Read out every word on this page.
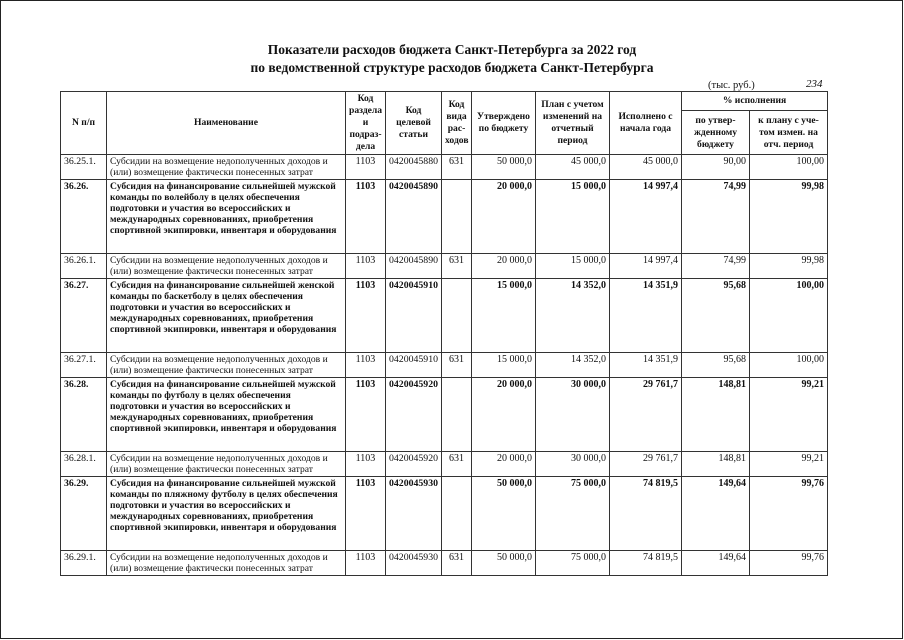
Показатели расходов бюджета Санкт-Петербурга за 2022 год
по ведомственной структуре расходов бюджета Санкт-Петербурга
(тыс. руб.)	234
N п/п	Наименование	Код раздела и подраз-дела	Код целевой статьи	Код вида рас-ходов	Утверждено по бюджету	План с учетом изменений на отчетный период	Исполнено с начала года	% исполнения	
								по утвер-жденному бюджету	к плану с уче-том измен. на отч. период
36.25.1.	Субсидии на возмещение недополученных доходов и (или) возмещение фактически понесенных затрат	1103	0420045880	631	50 000,0	45 000,0	45 000,0	90,00	100,00
36.26.	Субсидия на финансирование сильнейшей мужской команды по волейболу в целях обеспечения подготовки и участия во всероссийских и международных соревнованиях, приобретения спортивной экипировки, инвентаря и оборудования	1103	0420045890		20 000,0	15 000,0	14 997,4	74,99	99,98
36.26.1.	Субсидии на возмещение недополученных доходов и (или) возмещение фактически понесенных затрат	1103	0420045890	631	20 000,0	15 000,0	14 997,4	74,99	99,98
36.27.	Субсидия на финансирование сильнейшей женской команды по баскетболу в целях обеспечения подготовки и участия во всероссийских и международных соревнованиях, приобретения спортивной экипировки, инвентаря и оборудования	1103	0420045910		15 000,0	14 352,0	14 351,9	95,68	100,00
36.27.1.	Субсидии на возмещение недополученных доходов и (или) возмещение фактически понесенных затрат	1103	0420045910	631	15 000,0	14 352,0	14 351,9	95,68	100,00
36.28.	Субсидия на финансирование сильнейшей мужской команды по футболу в целях обеспечения подготовки и участия во всероссийских и международных соревнованиях, приобретения спортивной экипировки, инвентаря и оборудования	1103	0420045920		20 000,0	30 000,0	29 761,7	148,81	99,21
36.28.1.	Субсидии на возмещение недополученных доходов и (или) возмещение фактически понесенных затрат	1103	0420045920	631	20 000,0	30 000,0	29 761,7	148,81	99,21
36.29.	Субсидия на финансирование сильнейшей мужской команды по пляжному футболу в целях обеспечения подготовки и участия во всероссийских и международных соревнованиях, приобретения спортивной экипировки, инвентаря и оборудования	1103	0420045930		50 000,0	75 000,0	74 819,5	149,64	99,76
36.29.1.	Субсидии на возмещение недополученных доходов и (или) возмещение фактически понесенных затрат	1103	0420045930	631	50 000,0	75 000,0	74 819,5	149,64	99,76
